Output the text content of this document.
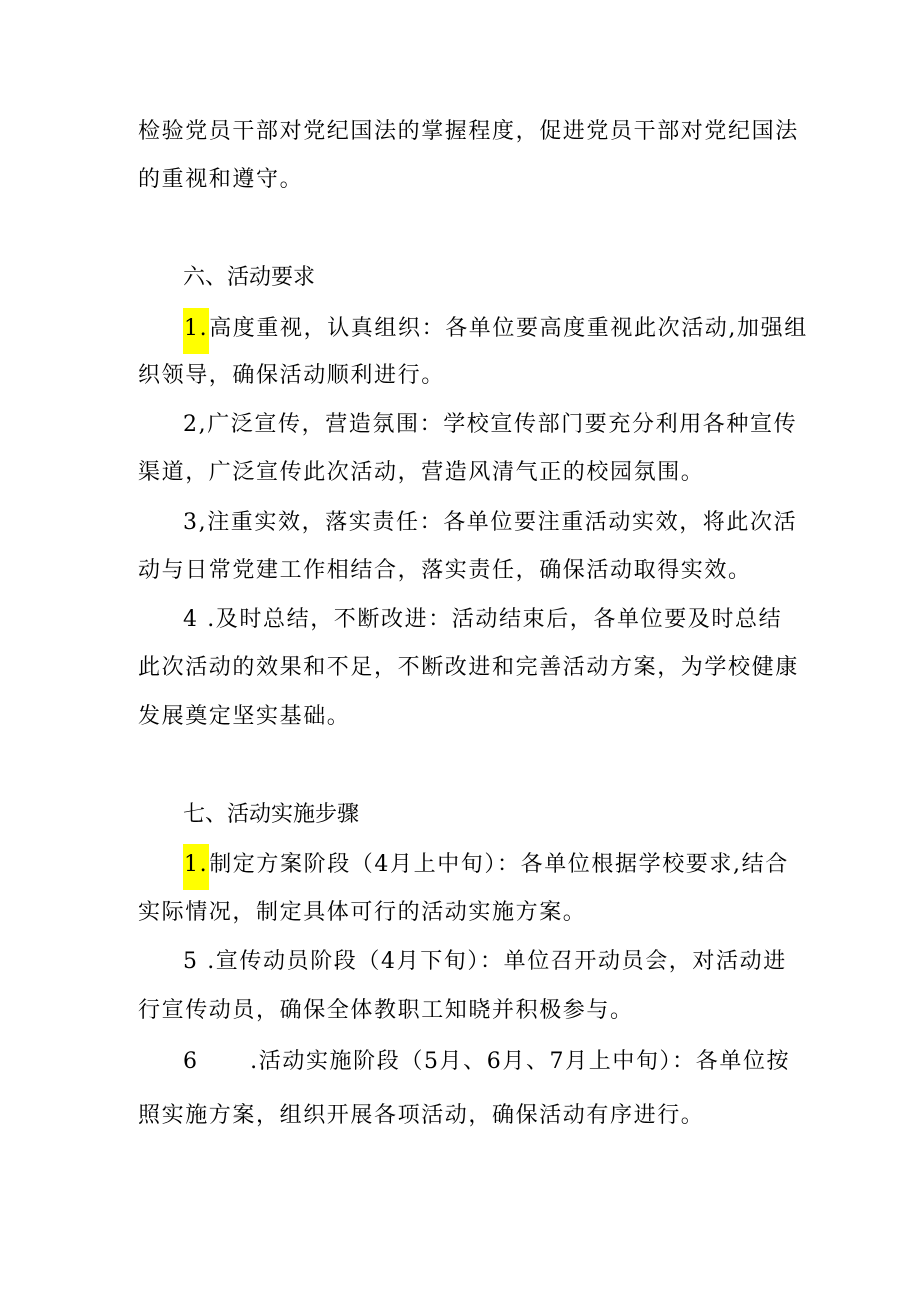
检验党员干部对党纪国法的掌握程度，促进党员干部对党纪国法
的重视和遵守。
六、活动要求
1.高度重视，认真组织：各单位要高度重视此次活动,加强组
织领导，确保活动顺利进行。
2,广泛宣传，营造氛围：学校宣传部门要充分利用各种宣传
渠道，广泛宣传此次活动，营造风清气正的校园氛围。
3,注重实效，落实责任：各单位要注重活动实效，将此次活
动与日常党建工作相结合，落实责任，确保活动取得实效。
4 .及时总结，不断改进：活动结束后，各单位要及时总结
此次活动的效果和不足，不断改进和完善活动方案，为学校健康
发展奠定坚实基础。
七、活动实施步骤
1.制定方案阶段（4月上中旬）：各单位根据学校要求,结合
实际情况，制定具体可行的活动实施方案。
5 .宣传动员阶段（4月下旬）：单位召开动员会，对活动进
行宣传动员，确保全体教职工知晓并积极参与。
6      .活动实施阶段（5月、6月、7月上中旬）：各单位按
照实施方案，组织开展各项活动，确保活动有序进行。
